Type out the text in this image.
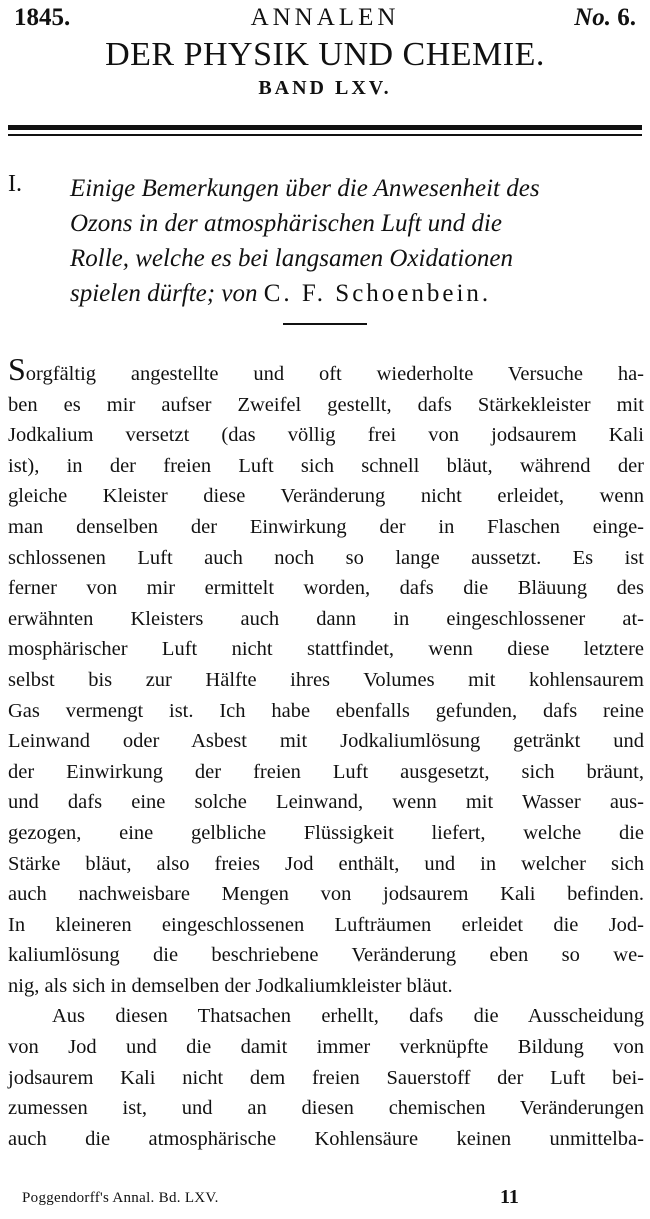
1845.	ANNALEN	No. 6.
DER PHYSIK UND CHEMIE.
BAND LXV.
I. Einige Bemerkungen über die Anwesenheit des
Ozons in der atmosphärischen Luft und die
Rolle, welche es bei langsamen Oxidationen
spielen dürfte; von C. F. Schoenbein.
Sorgfältig angestellte und oft wiederholte Versuche ha-
ben es mir aufser Zweifel gestellt, dafs Stärkekleister mit
Jodkalium versetzt (das völlig frei von jodsaurem Kali
ist), in der freien Luft sich schnell bläut, während der
gleiche Kleister diese Veränderung nicht erleidet, wenn
man denselben der Einwirkung der in Flaschen einge-
schlossenen Luft auch noch so lange aussetzt. Es ist
ferner von mir ermittelt worden, dafs die Bläuung des
erwähnten Kleisters auch dann in eingeschlossener at-
mosphärischer Luft nicht stattfindet, wenn diese letztere
selbst bis zur Hälfte ihres Volumes mit kohlensaurem
Gas vermengt ist. Ich habe ebenfalls gefunden, dafs reine
Leinwand oder Asbest mit Jodkaliumlösung getränkt und
der Einwirkung der freien Luft ausgesetzt, sich bräunt,
und dafs eine solche Leinwand, wenn mit Wasser aus-
gezogen, eine gelbliche Flüssigkeit liefert, welche die
Stärke bläut, also freies Jod enthält, und in welcher sich
auch nachweisbare Mengen von jodsaurem Kali befinden.
In kleineren eingeschlossenen Lufträumen erleidet die Jod-
kaliumlösung die beschriebene Veränderung eben so we-
nig, als sich in demselben der Jodkaliumkleister bläut.
Aus diesen Thatsachen erhellt, dafs die Ausscheidung
von Jod und die damit immer verknüpfte Bildung von
jodsaurem Kali nicht dem freien Sauerstoff der Luft bei-
zumessen ist, und an diesen chemischen Veränderungen
auch die atmosphärische Kohlensäure keinen unmittelba-
Poggendorff's Annal. Bd. LXV.	11
